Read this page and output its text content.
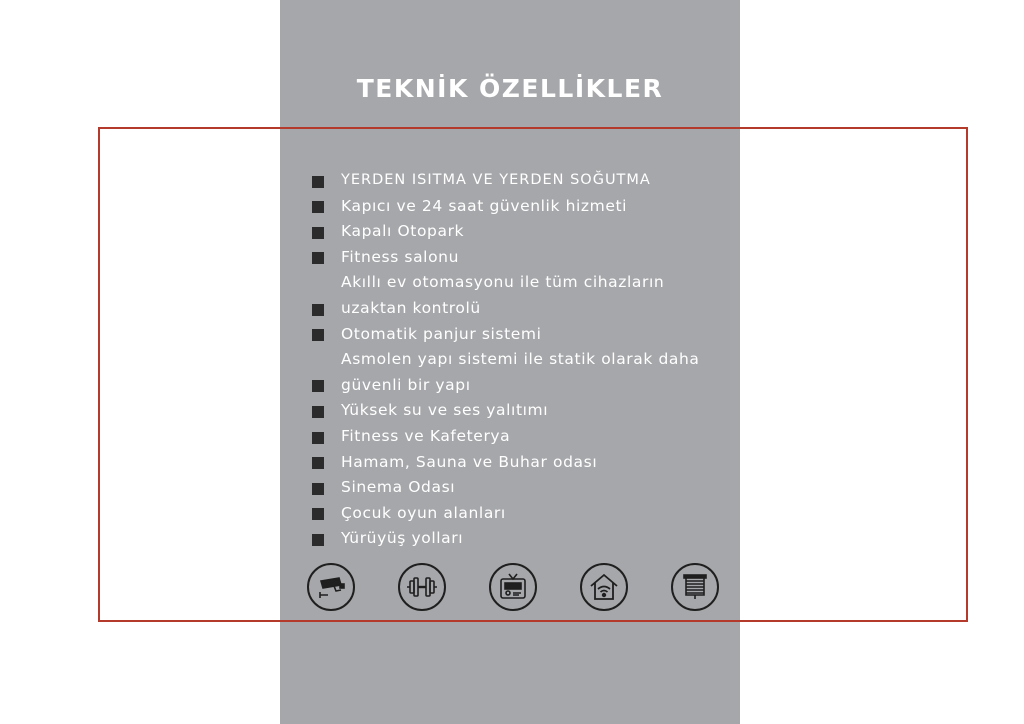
TEKNİK ÖZELLİKLER
YERDEN ISITMA VE YERDEN SOĞUTMA
Kapıcı ve 24 saat güvenlik hizmeti
Kapalı Otopark
Fitness salonu
Akıllı ev otomasyonu ile tüm cihazların uzaktan kontrolü
Otomatik panjur sistemi
Asmolen yapı sistemi ile statik olarak daha güvenli bir yapı
Yüksek su ve ses yalıtımı
Fitness ve Kafeterya
Hamam, Sauna ve Buhar odası
Sinema Odası
Çocuk oyun alanları
Yürüyüş yolları
